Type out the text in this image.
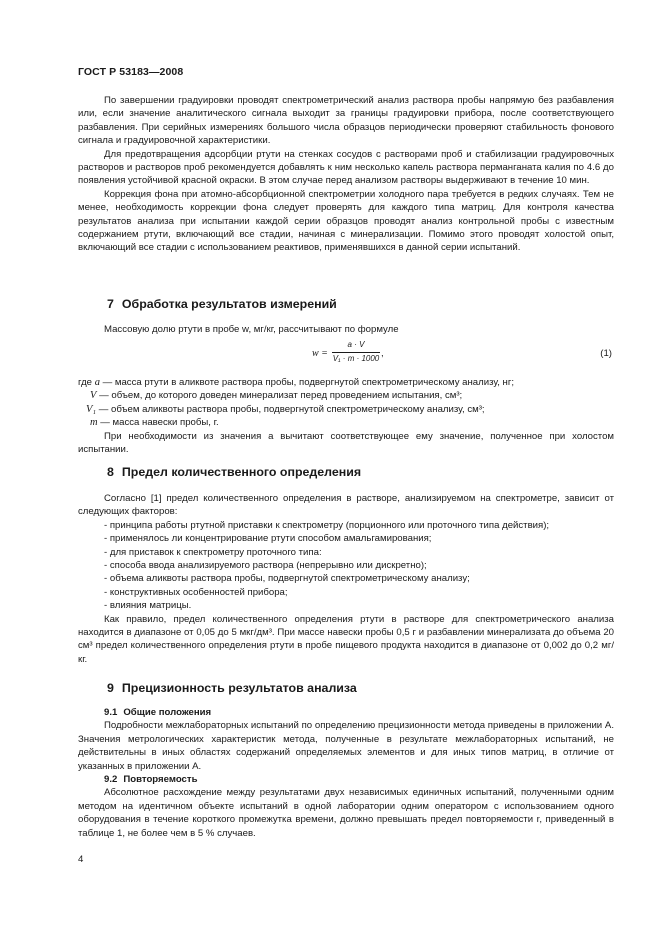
ГОСТ Р 53183—2008

По завершении градуировки проводят спектрометрический анализ раствора пробы напрямую без разбавления или, если значение аналитического сигнала выходит за границы градуировки прибора, после соответствующего разбавления. При серийных измерениях большого числа образцов периодически проверяют стабильность фонового сигнала и градуировочной характеристики.

Для предотвращения адсорбции ртути на стенках сосудов с растворами проб и стабилизации градуировочных растворов и растворов проб рекомендуется добавлять к ним несколько капель раствора перманганата калия по 4.6 до появления устойчивой красной окраски. В этом случае перед анализом растворы выдерживают в течение 10 мин.

Коррекция фона при атомно-абсорбционной спектрометрии холодного пара требуется в редких случаях. Тем не менее, необходимость коррекции фона следует проверять для каждого типа матриц. Для контроля качества результатов анализа при испытании каждой серии образцов проводят анализ контрольной пробы с известным содержанием ртути, включающий все стадии, начиная с минерализации. Помимо этого проводят холостой опыт, включающий все стадии с использованием реактивов, применявшихся в данной серии испытаний.

7 Обработка результатов измерений

Массовую долю ртути в пробе w, мг/кг, рассчитывают по формуле

w =
a · V
V₁ · m · 1000 ,	(1)
где a — масса ртути в аликвоте раствора пробы, подвергнутой спектрометрическому анализу, нг;
V — объем, до которого доведен минерализат перед проведением испытания, см³;
V₁ — объем аликвоты раствора пробы, подвергнутой спектрометрическому анализу, см³;
m — масса навески пробы, г.

При необходимости из значения a вычитают соответствующее ему значение, полученное при холостом испытании.

8 Предел количественного определения

Согласно [1] предел количественного определения в растворе, анализируемом на спектрометре, зависит от следующих факторов:

- принципа работы ртутной приставки к спектрометру (порционного или проточного типа действия);
- применялось ли концентрирование ртути способом амальгамирования;
- для приставок к спектрометру проточного типа:
- способа ввода анализируемого раствора (непрерывно или дискретно);
- объема аликвоты раствора пробы, подвергнутой спектрометрическому анализу;
- конструктивных особенностей прибора;
- влияния матрицы.

Как правило, предел количественного определения ртути в растворе для спектрометрического анализа находится в диапазоне от 0,05 до 5 мкг/дм³. При массе навески пробы 0,5 г и разбавлении минерализата до объема 20 см³ предел количественного определения ртути в пробе пищевого продукта находится в диапазоне от 0,002 до 0,2 мг/кг.

9 Прецизионность результатов анализа
9.1 Общие положения

Подробности межлабораторных испытаний по определению прецизионности метода приведены в приложении А. Значения метрологических характеристик метода, полученные в результате межлабораторных испытаний, не действительны в иных областях содержаний определяемых элементов и для иных типов матриц, в отличие от указанных в приложении А.

9.2 Повторяемость

Абсолютное расхождение между результатами двух независимых единичных испытаний, полученными одним методом на идентичном объекте испытаний в одной лаборатории одним оператором с использованием одного оборудования в течение короткого промежутка времени, должно превышать предел повторяемости r, приведенный в таблице 1, не более чем в 5 % случаев.

4
